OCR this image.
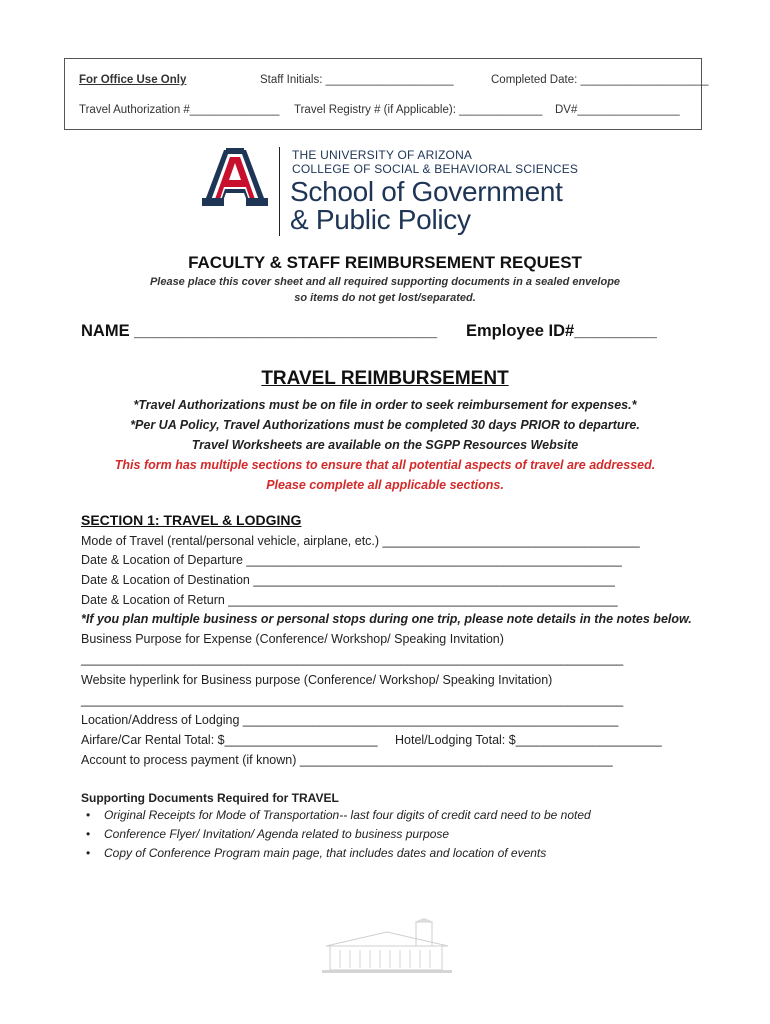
For Office Use Only	Staff Initials: ____________________	Completed Date: ____________________
Travel Authorization #______________ Travel Registry # (if Applicable): _____________ DV#________________
THE UNIVERSITY OF ARIZONA
COLLEGE OF SOCIAL & BEHAVIORAL SCIENCES
School of Government
& Public Policy
FACULTY & STAFF REIMBURSEMENT REQUEST
Please place this cover sheet and all required supporting documents in a sealed envelope
so items do not get lost/separated.
NAME _________________________________ Employee ID#_________
TRAVEL REIMBURSEMENT
*Travel Authorizations must be on file in order to seek reimbursement for expenses.*
*Per UA Policy, Travel Authorizations must be completed 30 days PRIOR to departure.
Travel Worksheets are available on the SGPP Resources Website
This form has multiple sections to ensure that all potential aspects of travel are addressed.
Please complete all applicable sections.
SECTION 1: TRAVEL & LODGING
Mode of Travel (rental/personal vehicle, airplane, etc.) _____________________________________
Date & Location of Departure ______________________________________________________
Date & Location of Destination ____________________________________________________
Date & Location of Return ________________________________________________________
*If you plan multiple business or personal stops during one trip, please note details in the notes below.
Business Purpose for Expense (Conference/ Workshop/ Speaking Invitation)
______________________________________________________________________________
Website hyperlink for Business purpose (Conference/ Workshop/ Speaking Invitation)
______________________________________________________________________________
Location/Address of Lodging ______________________________________________________
Airfare/Car Rental Total: $______________________ Hotel/Lodging Total: $_____________________
Account to process payment (if known) _____________________________________________
Supporting Documents Required for TRAVEL
• Original Receipts for Mode of Transportation-- last four digits of credit card need to be noted
• Conference Flyer/ Invitation/ Agenda related to business purpose
• Copy of Conference Program main page, that includes dates and location of events
